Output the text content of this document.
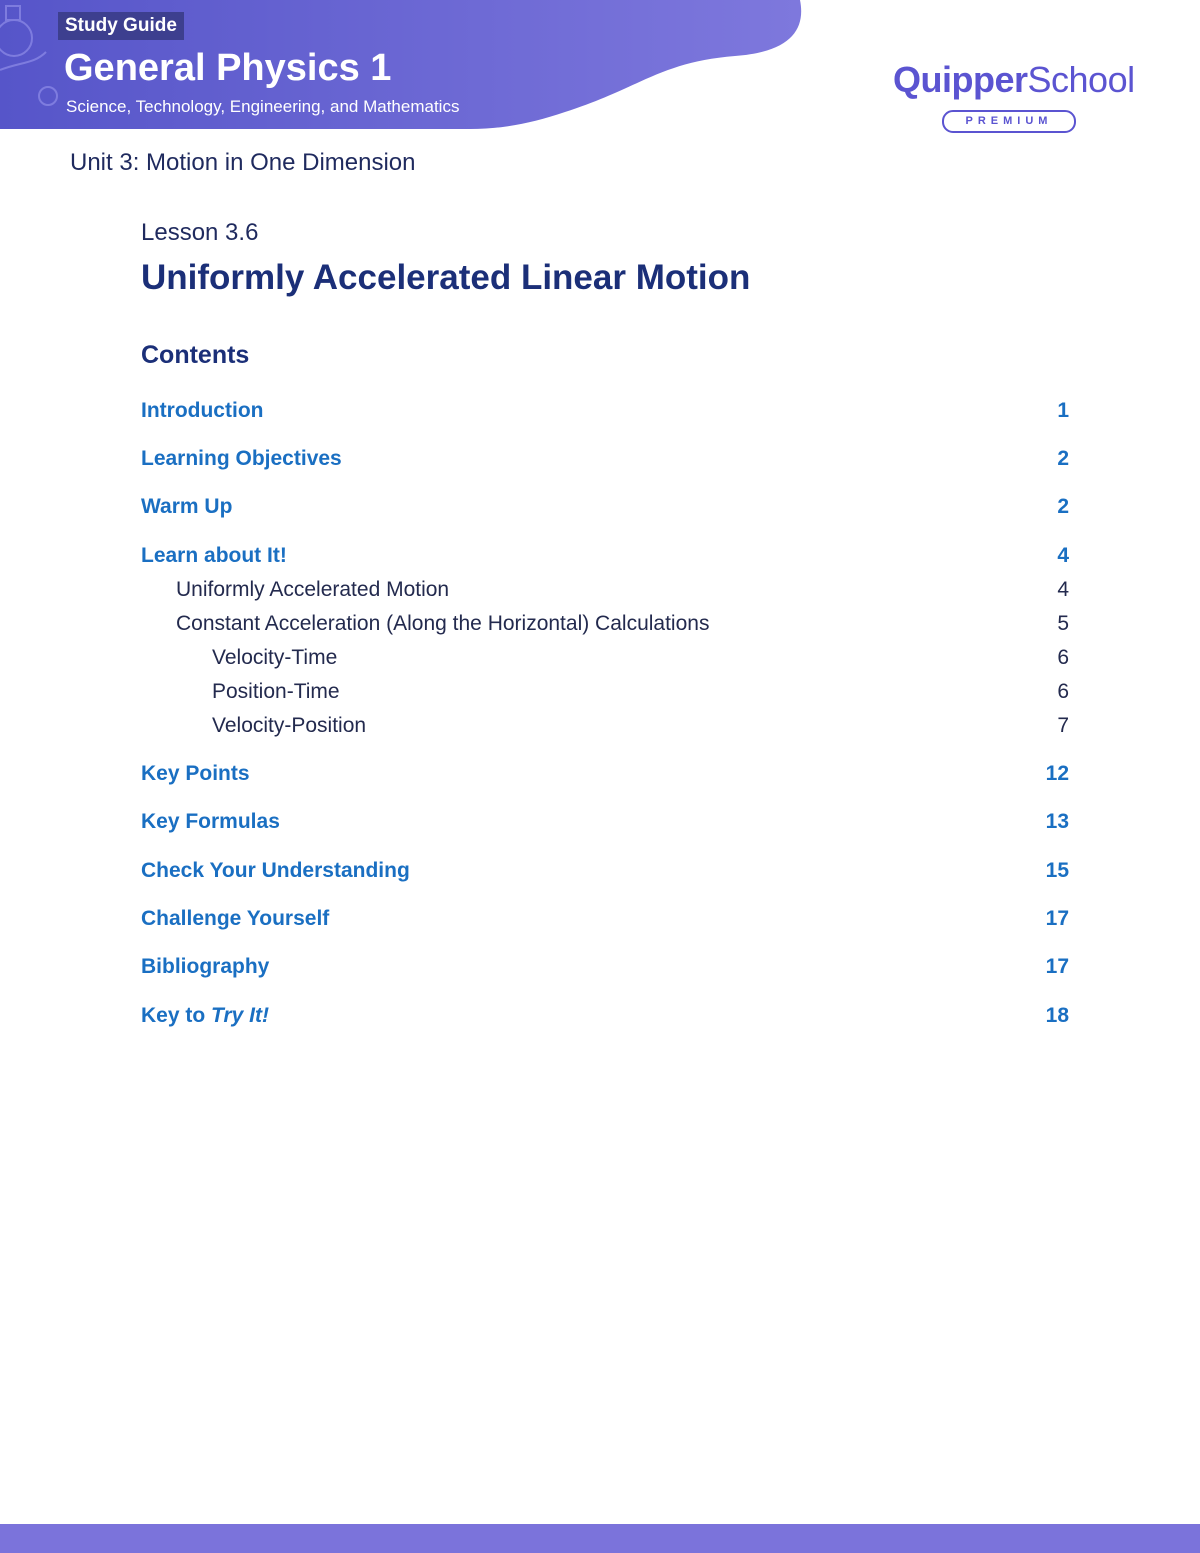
Study Guide
General Physics 1
Science, Technology, Engineering, and Mathematics
QuipperSchool
PREMIUM
Unit 3: Motion in One Dimension
Lesson 3.6
Uniformly Accelerated Linear Motion
Contents
Introduction	1
Learning Objectives	2
Warm Up	2
Learn about It!	4
Uniformly Accelerated Motion	4
Constant Acceleration (Along the Horizontal) Calculations	5
Velocity-Time	6
Position-Time	6
Velocity-Position	7
Key Points	12
Key Formulas	13
Check Your Understanding	15
Challenge Yourself	17
Bibliography	17
Key to Try It!	18
